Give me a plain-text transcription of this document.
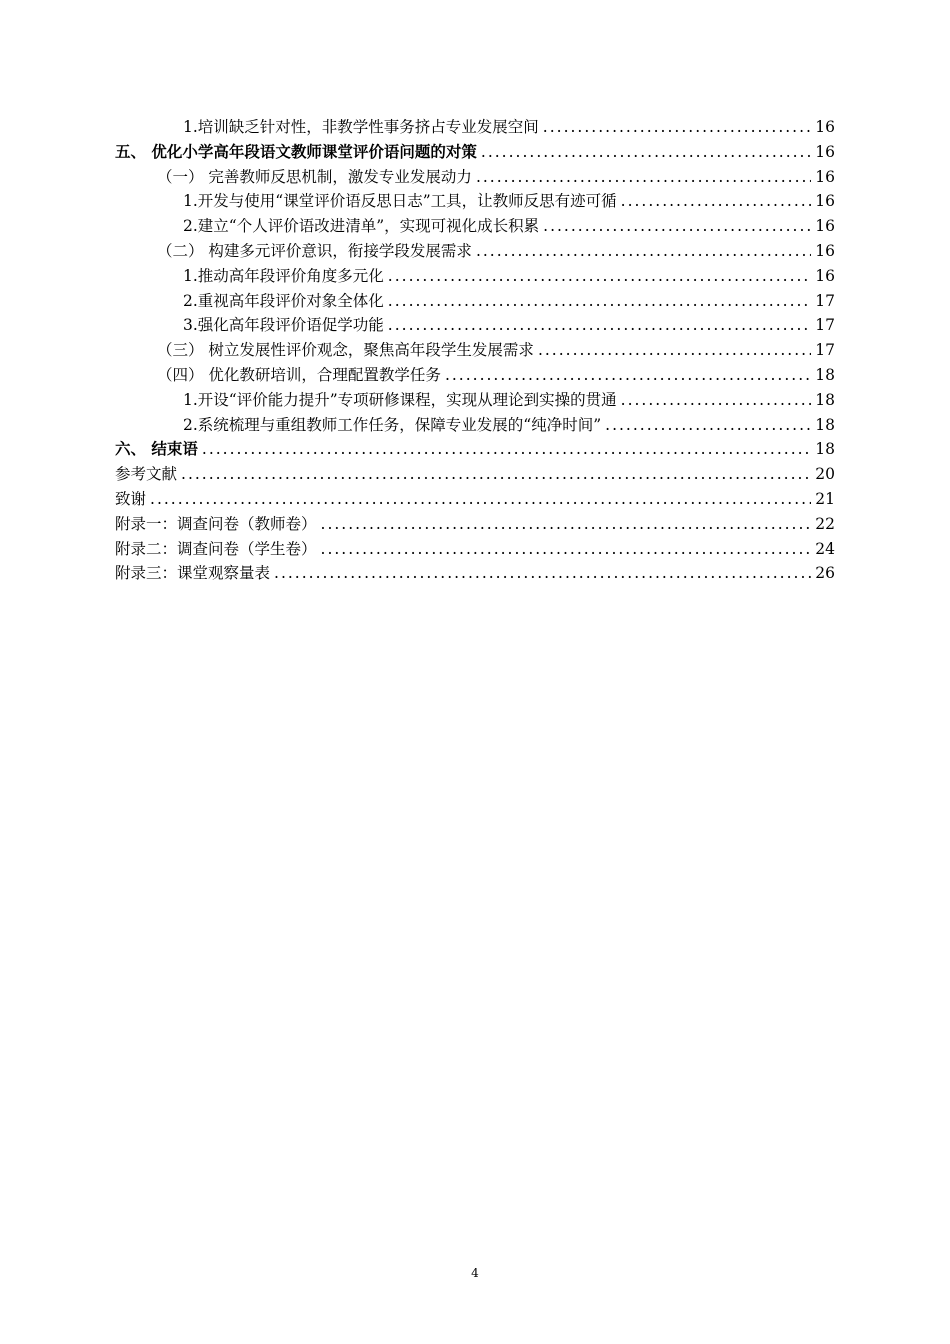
1.培训缺乏针对性，非教学性事务挤占专业发展空间 .....	16
五、 优化小学高年段语文教师课堂评价语问题的对策 .....	16
（一） 完善教师反思机制，激发专业发展动力 .....	16
1.开发与使用“课堂评价语反思日志”工具，让教师反思有迹可循 .....	16
2.建立“个人评价语改进清单”，实现可视化成长积累 .....	16
（二） 构建多元评价意识，衔接学段发展需求 .....	16
1.推动高年段评价角度多元化 .....	16
2.重视高年段评价对象全体化 .....	17
3.强化高年段评价语促学功能 .....	17
（三） 树立发展性评价观念，聚焦高年段学生发展需求 .....	17
（四） 优化教研培训，合理配置教学任务 .....	18
1.开设“评价能力提升”专项研修课程，实现从理论到实操的贯通 .....	18
2.系统梳理与重组教师工作任务，保障专业发展的“纯净时间” .....	18
六、 结束语 .....	18
参考文献 .....	20
致谢 .....	21
附录一：调查问卷（教师卷） .....	22
附录二：调查问卷（学生卷） .....	24
附录三：课堂观察量表 .....	26
4
